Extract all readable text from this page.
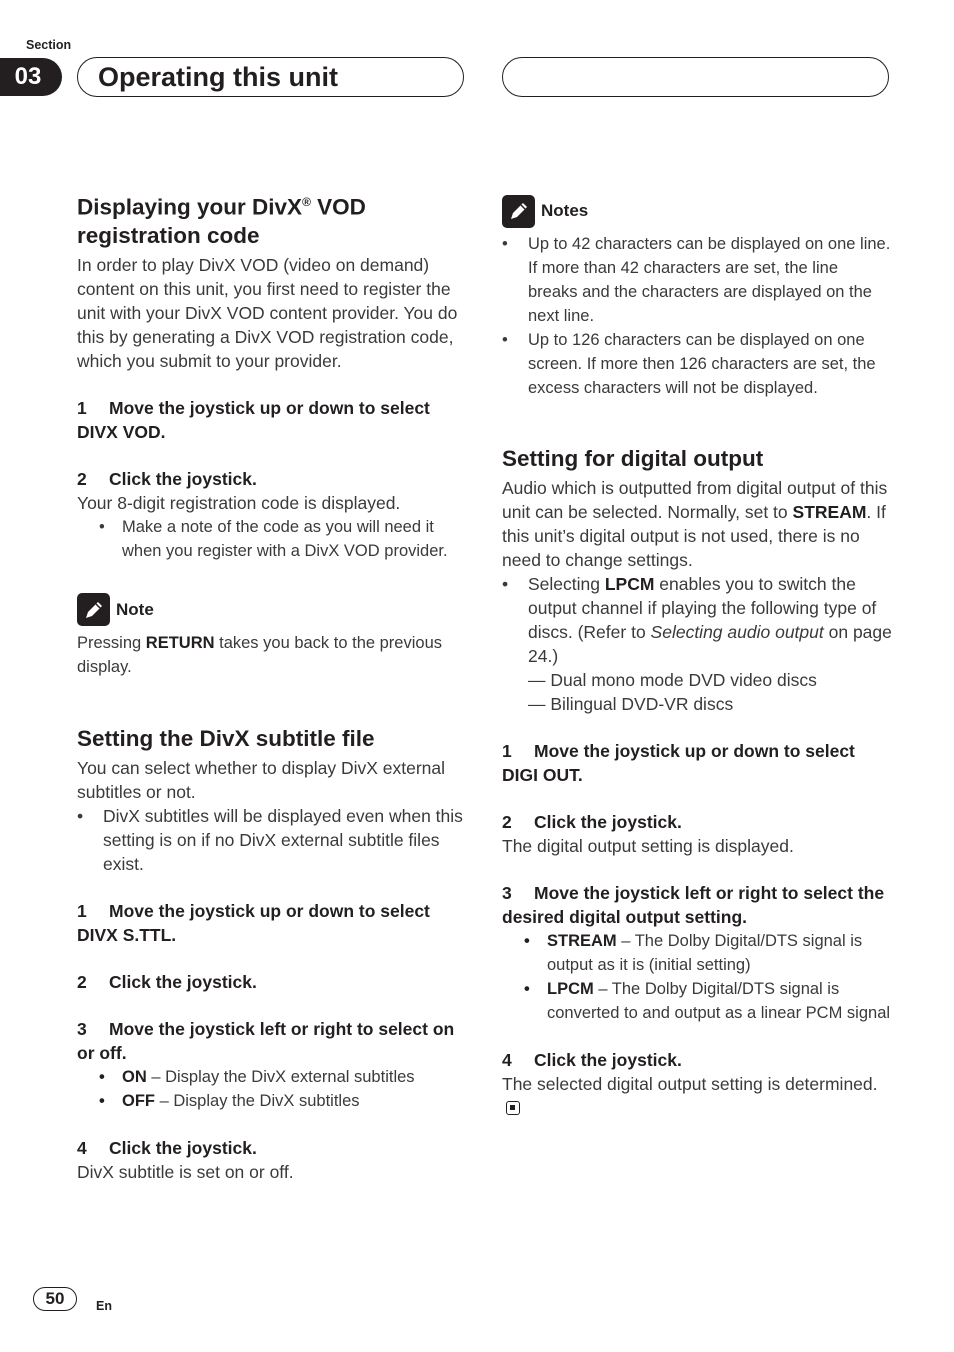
Section
03	Operating this unit
Displaying your DivX® VOD registration code

In order to play DivX VOD (video on demand) content on this unit, you first need to register the unit with your DivX VOD content provider. You do this by generating a DivX VOD registration code, which you submit to your provider.

1 Move the joystick up or down to select DIVX VOD.
2 Click the joystick.

Your 8-digit registration code is displayed.

• Make a note of the code as you will need it when you register with a DivX VOD provider.
Note
Pressing RETURN takes you back to the previous display.
Setting the DivX subtitle file

You can select whether to display DivX external subtitles or not.

• DivX subtitles will be displayed even when this setting is on if no DivX external subtitle files exist.
1 Move the joystick up or down to select DIVX S.TTL.
2 Click the joystick.
3 Move the joystick left or right to select on or off.
• ON – Display the DivX external subtitles
• OFF – Display the DivX subtitles
4 Click the joystick.

DivX subtitle is set on or off.

Notes
• Up to 42 characters can be displayed on one line. If more than 42 characters are set, the line breaks and the characters are displayed on the next line.
• Up to 126 characters can be displayed on one screen. If more then 126 characters are set, the excess characters will not be displayed.
Setting for digital output

Audio which is outputted from digital output of this unit can be selected. Normally, set to STREAM. If this unit’s digital output is not used, there is no need to change settings.

• Selecting LPCM enables you to switch the output channel if playing the following type of discs. (Refer to Selecting audio output on page 24.)
— Dual mono mode DVD video discs
— Bilingual DVD-VR discs
1 Move the joystick up or down to select DIGI OUT.
2 Click the joystick.

The digital output setting is displayed.

3 Move the joystick left or right to select the desired digital output setting.
• STREAM – The Dolby Digital/DTS signal is output as it is (initial setting)
• LPCM – The Dolby Digital/DTS signal is converted to and output as a linear PCM signal
4 Click the joystick.

The selected digital output setting is determined.

50	En
